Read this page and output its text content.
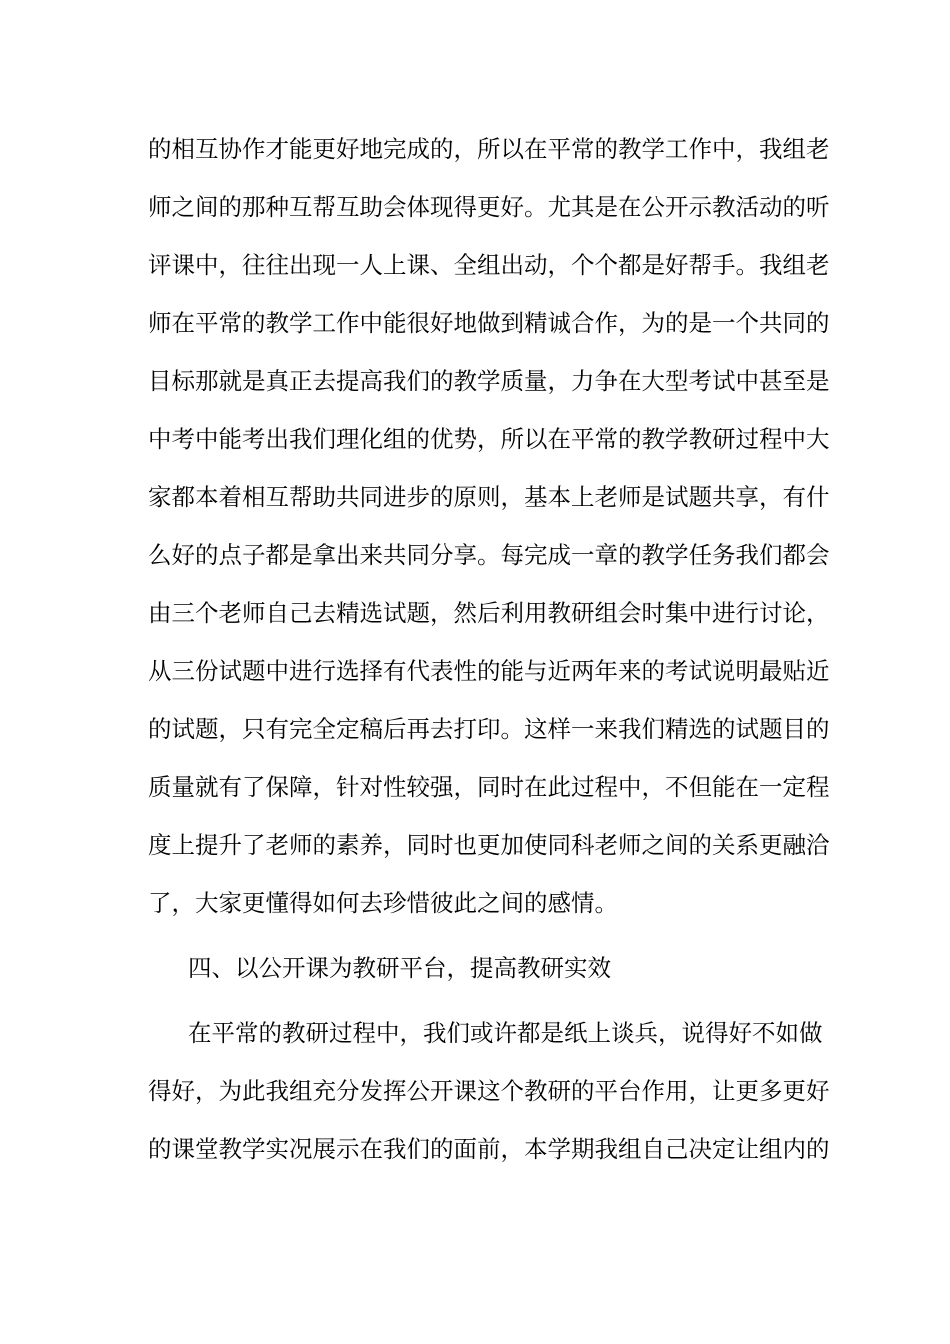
的相互协作才能更好地完成的，所以在平常的教学工作中，我组老
师之间的那种互帮互助会体现得更好。尤其是在公开示教活动的听
评课中，往往出现一人上课、全组出动，个个都是好帮手。我组老
师在平常的教学工作中能很好地做到精诚合作，为的是一个共同的
目标那就是真正去提高我们的教学质量，力争在大型考试中甚至是
中考中能考出我们理化组的优势，所以在平常的教学教研过程中大
家都本着相互帮助共同进步的原则，基本上老师是试题共享，有什
么好的点子都是拿出来共同分享。每完成一章的教学任务我们都会
由三个老师自己去精选试题，然后利用教研组会时集中进行讨论，
从三份试题中进行选择有代表性的能与近两年来的考试说明最贴近
的试题，只有完全定稿后再去打印。这样一来我们精选的试题目的
质量就有了保障，针对性较强，同时在此过程中，不但能在一定程
度上提升了老师的素养，同时也更加使同科老师之间的关系更融洽
了，大家更懂得如何去珍惜彼此之间的感情。
四、以公开课为教研平台，提高教研实效
在平常的教研过程中，我们或许都是纸上谈兵，说得好不如做
得好，为此我组充分发挥公开课这个教研的平台作用，让更多更好
的课堂教学实况展示在我们的面前，本学期我组自己决定让组内的
